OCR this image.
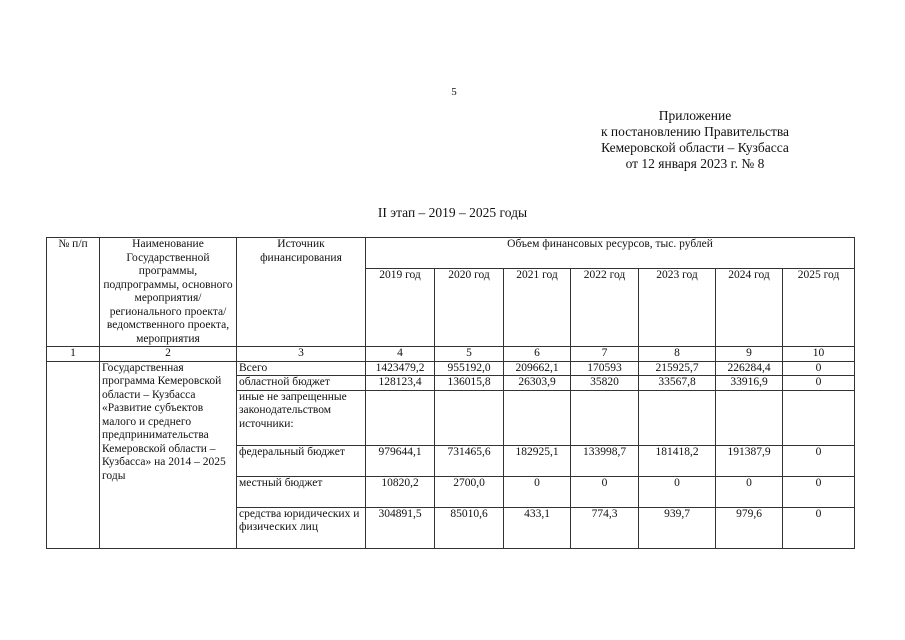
5
Приложение
к постановлению Правительства
Кемеровской области – Кузбасса
от 12 января 2023 г. № 8
II этап – 2019 – 2025 годы
№ п/п	Наименование Государственной программы, подпрограммы, основного мероприятия/ регионального проекта/ ведомственного проекта, мероприятия	Источник финансирования	Объем финансовых ресурсов, тыс. рублей						
			2019 год	2020 год	2021 год	2022 год	2023 год	2024 год	2025 год
1	2	3	4	5	6	7	8	9	10
	Государственная программа Кемеровской области – Кузбасса «Развитие субъектов малого и среднего предпринимательства Кемеровской области – Кузбасса» на 2014 – 2025 годы	Всего	1423479,2	955192,0	209662,1	170593	215925,7	226284,4	0
		областной бюджет	128123,4	136015,8	26303,9	35820	33567,8	33916,9	0
		иные не запрещенные законодательством источники:							
		федеральный бюджет	979644,1	731465,6	182925,1	133998,7	181418,2	191387,9	0
		местный бюджет	10820,2	2700,0	0	0	0	0	0
		средства юридических и физических лиц	304891,5	85010,6	433,1	774,3	939,7	979,6	0
